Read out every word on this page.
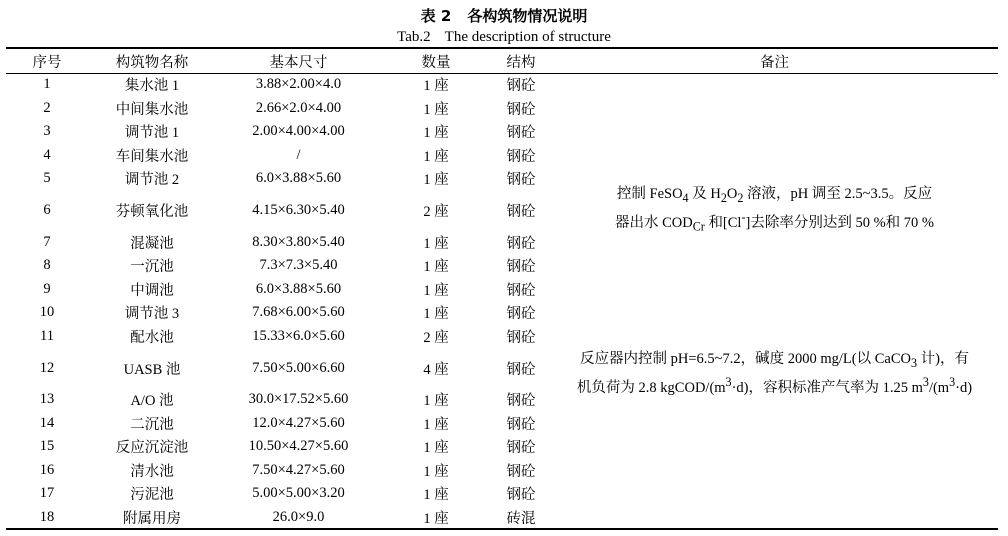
表 2 各构筑物情况说明
Tab.2 The description of structure
序号	构筑物名称	基本尺寸	数量	结构	备注
1	集水池 1	3.88×2.00×4.0	1 座	钢砼	控制 FeSO$_4$ 及 $H_2O_2$ 溶液，pH 调至 2.5~3.5。反应
器出水 $COD_{Cr}$ 和[Cl-]去除率分别达到 50 %和 70 %

2	中间集水池	2.66×2.0×4.00	1 座	钢砼	
3	调节池 1	2.00×4.00×4.00	1 座	钢砼	
4	车间集水池	/	1 座	钢砼	
5	调节池 2	6.0×3.88×5.60	1 座	钢砼	
6	芬顿氧化池	4.15×6.30×5.40	2 座	钢砼	
7	混凝池	8.30×3.80×5.40	1 座	钢砼	
8	一沉池	7.3×7.3×5.40	1 座	钢砼	
9	中调池	6.0×3.88×5.60	1 座	钢砼	
10	调节池 3	7.68×6.00×5.60	1 座	钢砼	
11	配水池	15.33×6.0×5.60	2 座	钢砼	
12	UASB 池	7.50×5.00×6.60	4 座	钢砼	反应器内控制 pH=6.5~7.2，碱度 2000 mg/L(以 CaCO$_3$ 计)，有
机负荷为 2.8 kgCOD/$(m^3\cdot d)$，容积标准产气率为 1.25 $m^3/(m^3\cdot d)$

13	A/O 池	30.0×17.52×5.60	1 座	钢砼	
14	二沉池	12.0×4.27×5.60	1 座	钢砼	
15	反应沉淀池	10.50×4.27×5.60	1 座	钢砼	
16	清水池	7.50×4.27×5.60	1 座	钢砼	
17	污泥池	5.00×5.00×3.20	1 座	钢砼	
18	附属用房	26.0×9.0	1 座	砖混	
